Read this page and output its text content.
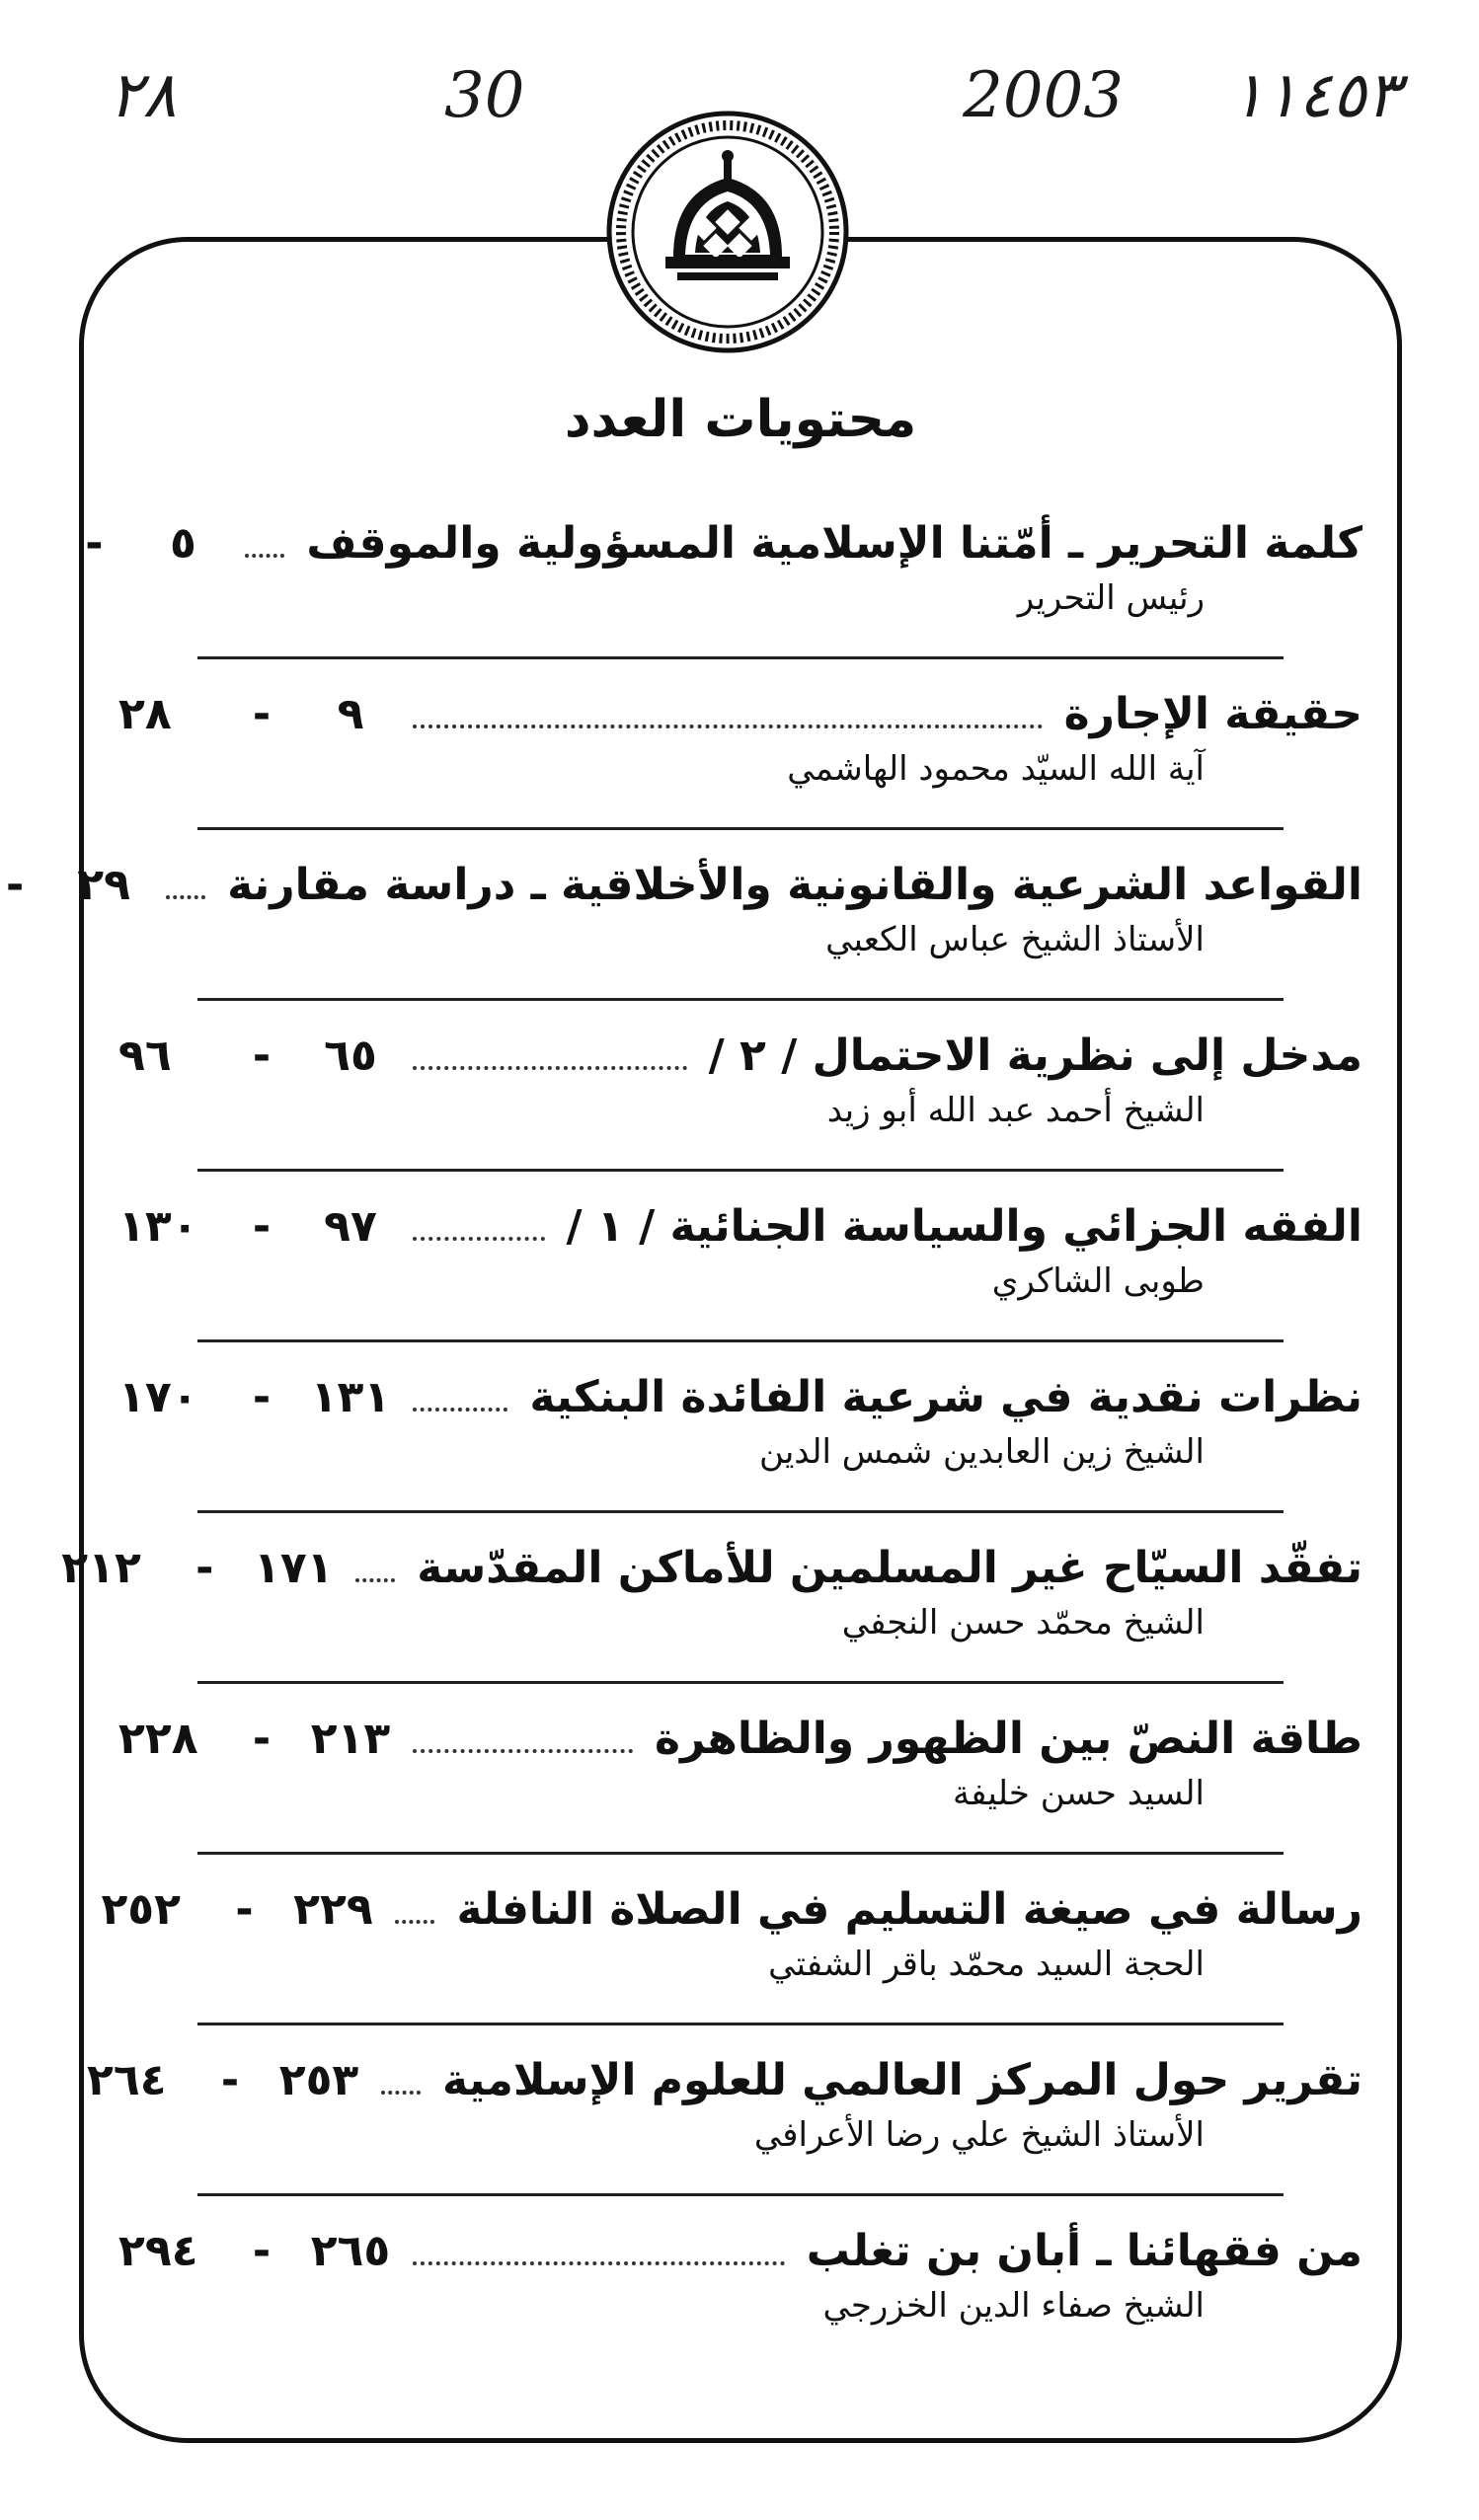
١١٤٥٣
2003
30
٢٨
محتويات العدد
كلمة التحرير ـ أمّتنا الإسلامية المسؤولية والموقف
٥
-
رئيس التحرير
حقيقة الإجارة
٩
-
٢٨
آية الله السيّد محمود الهاشمي
القواعد الشرعية والقانونية والأخلاقية ـ دراسة مقارنة
٢٩
-
الأستاذ الشيخ عباس الكعبي
مدخل إلى نظرية الاحتمال / ٢ /
٦٥
-
٩٦
الشيخ أحمد عبد الله أبو زيد
الفقه الجزائي والسياسة الجنائية / ١ /
٩٧
-
١٣٠
طوبى الشاكري
نظرات نقدية في شرعية الفائدة البنكية
١٣١
-
١٧٠
الشيخ زين العابدين شمس الدين
تفقّد السيّاح غير المسلمين للأماكن المقدّسة
١٧١
-
٢١٢
الشيخ محمّد حسن النجفي
طاقة النصّ بين الظهور والظاهرة
٢١٣
-
٢٢٨
السيد حسن خليفة
رسالة في صيغة التسليم في الصلاة النافلة
٢٢٩
-
٢٥٢
الحجة السيد محمّد باقر الشفتي
تقرير حول المركز العالمي للعلوم الإسلامية
٢٥٣
-
٢٦٤
الأستاذ الشيخ علي رضا الأعرافي
من فقهائنا ـ أبان بن تغلب
٢٦٥
-
٢٩٤
الشيخ صفاء الدين الخزرجي
